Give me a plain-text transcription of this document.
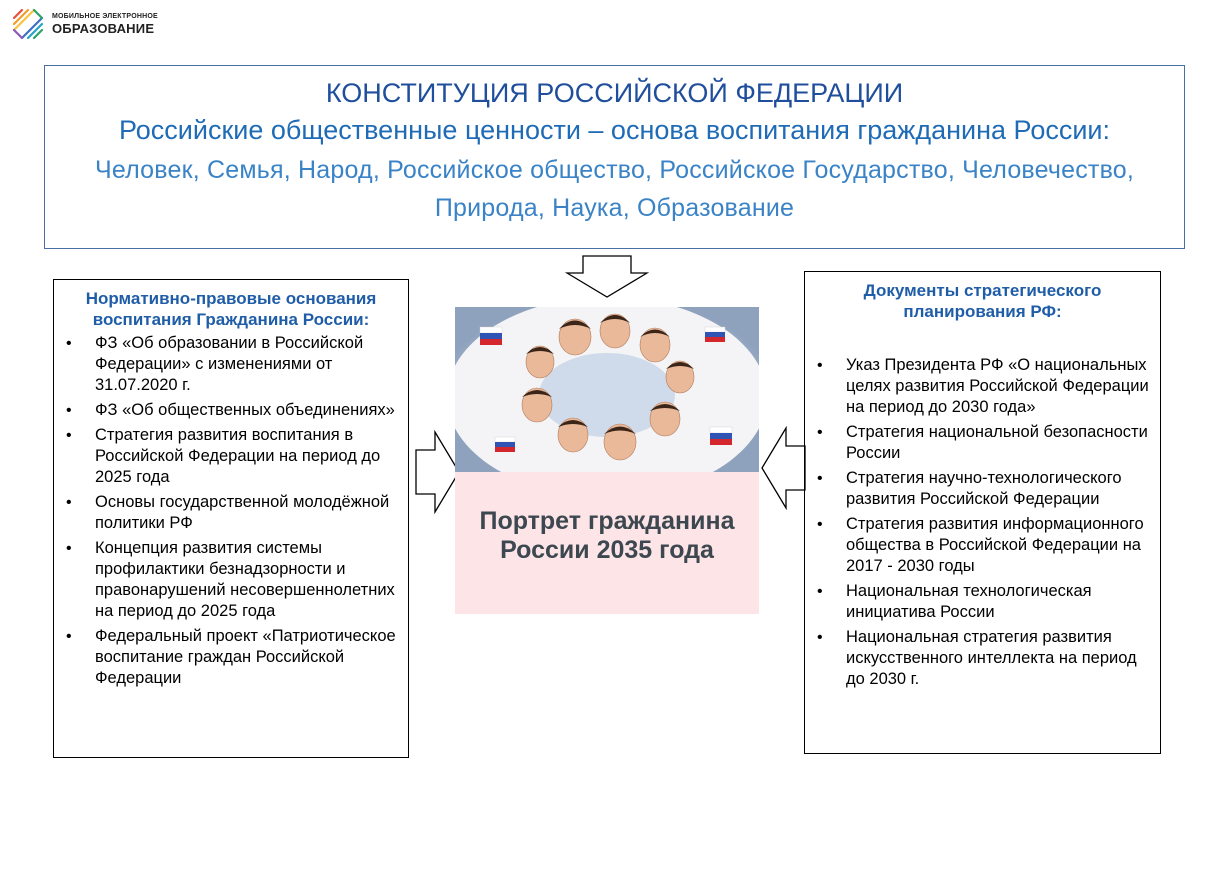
МОБИЛЬНОЕ ЭЛЕКТРОННОЕ
ОБРАЗОВАНИЕ
КОНСТИТУЦИЯ РОССИЙСКОЙ ФЕДЕРАЦИИ
Российские общественные ценности – основа воспитания гражданина России:
Человек, Семья, Народ, Российское общество, Российское Государство, Человечество, Природа, Наука, Образование
Нормативно-правовые основания воспитания Гражданина России:
• ФЗ «Об образовании в Российской Федерации» с изменениями от 31.07.2020 г.
• ФЗ «Об общественных объединениях»
• Стратегия развития воспитания в Российской Федерации на период до 2025 года
• Основы государственной молодёжной политики РФ
• Концепция развития системы профилактики безнадзорности и правонарушений несовершеннолетних на период до 2025 года
• Федеральный проект «Патриотическое воспитание граждан Российской Федерации
Портрет гражданина России 2035 года
Документы стратегического планирования РФ:
• Указ Президента РФ «О национальных целях развития Российской Федерации на период до 2030 года»
• Стратегия национальной безопасности России
• Стратегия научно-технологического развития Российской Федерации
• Стратегия развития информационного общества в Российской Федерации на 2017 - 2030 годы
• Национальная технологическая инициатива России
• Национальная стратегия развития искусственного интеллекта на период до 2030 г.
